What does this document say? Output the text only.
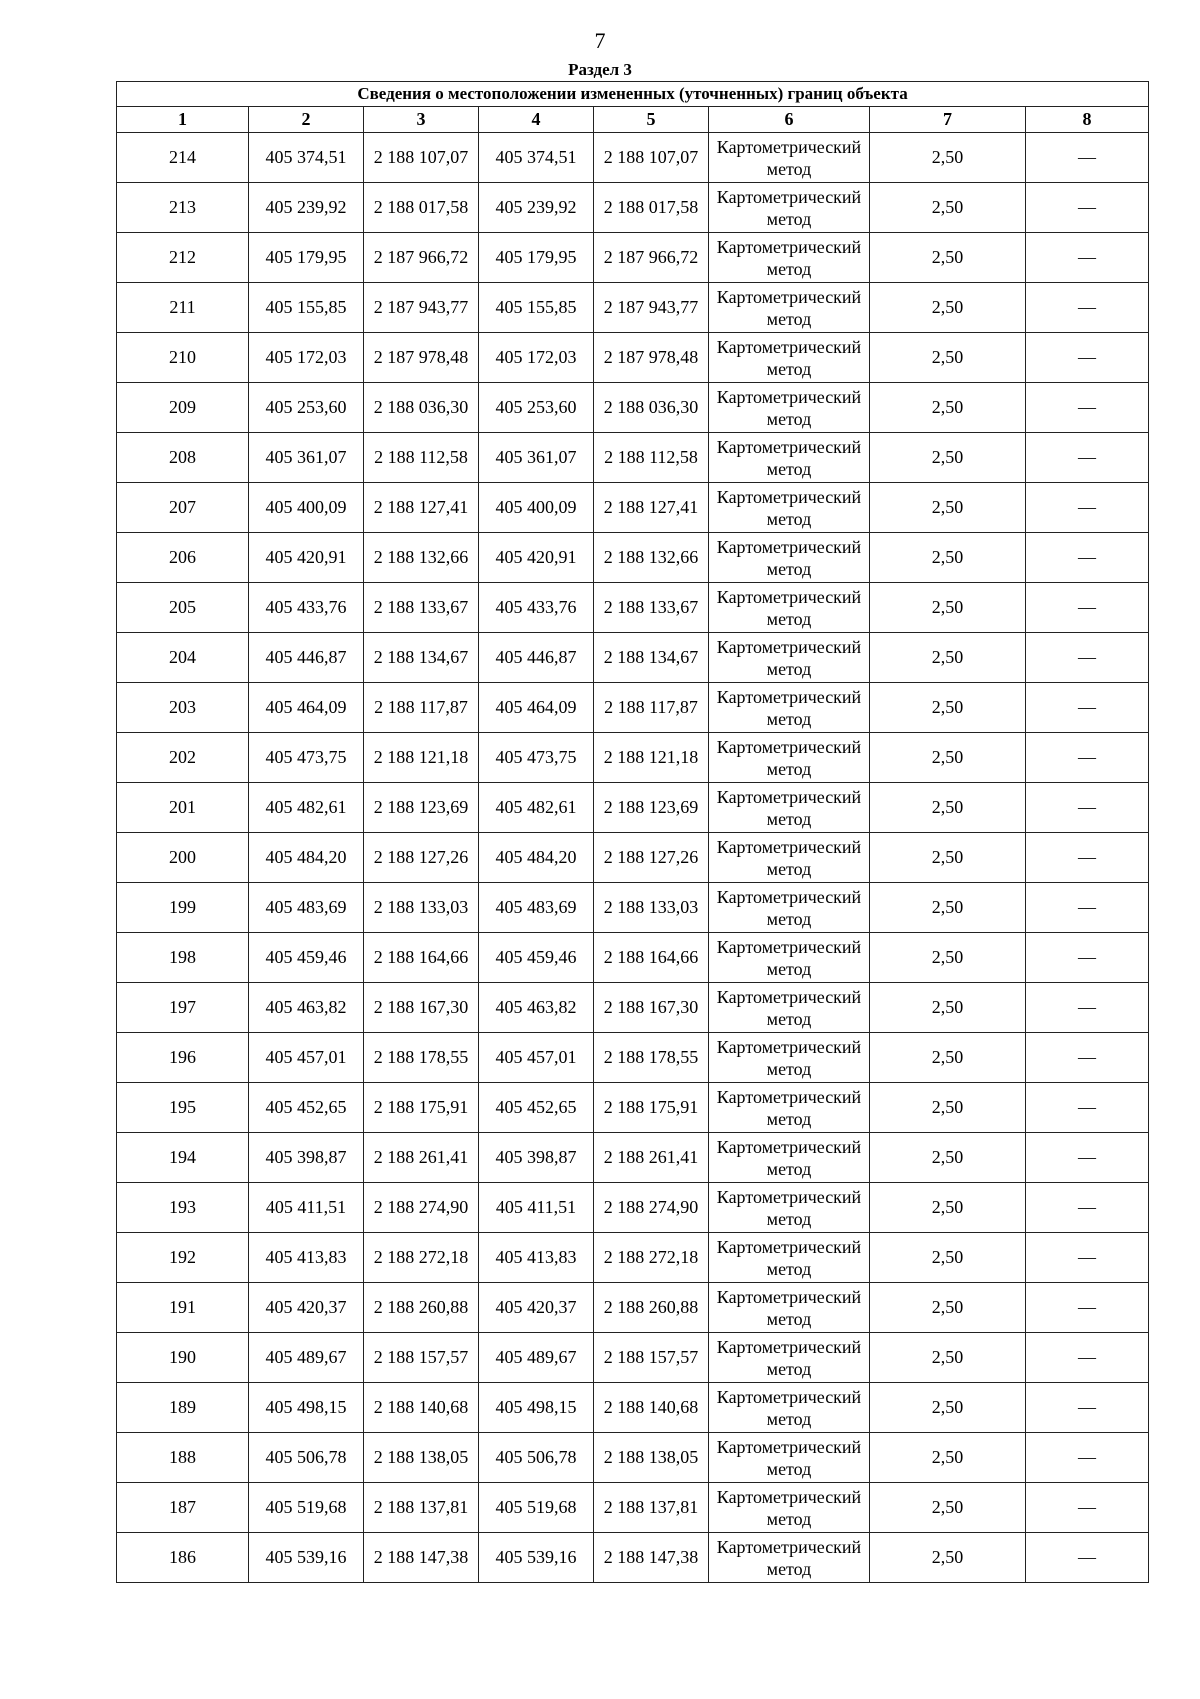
7
Раздел 3
Сведения о местоположении измененных (уточненных) границ объекта							
1	2	3	4	5	6	7	8
214	405 374,51	2 188 107,07	405 374,51	2 188 107,07	Картометрический метод	2,50	—
213	405 239,92	2 188 017,58	405 239,92	2 188 017,58	Картометрический метод	2,50	—
212	405 179,95	2 187 966,72	405 179,95	2 187 966,72	Картометрический метод	2,50	—
211	405 155,85	2 187 943,77	405 155,85	2 187 943,77	Картометрический метод	2,50	—
210	405 172,03	2 187 978,48	405 172,03	2 187 978,48	Картометрический метод	2,50	—
209	405 253,60	2 188 036,30	405 253,60	2 188 036,30	Картометрический метод	2,50	—
208	405 361,07	2 188 112,58	405 361,07	2 188 112,58	Картометрический метод	2,50	—
207	405 400,09	2 188 127,41	405 400,09	2 188 127,41	Картометрический метод	2,50	—
206	405 420,91	2 188 132,66	405 420,91	2 188 132,66	Картометрический метод	2,50	—
205	405 433,76	2 188 133,67	405 433,76	2 188 133,67	Картометрический метод	2,50	—
204	405 446,87	2 188 134,67	405 446,87	2 188 134,67	Картометрический метод	2,50	—
203	405 464,09	2 188 117,87	405 464,09	2 188 117,87	Картометрический метод	2,50	—
202	405 473,75	2 188 121,18	405 473,75	2 188 121,18	Картометрический метод	2,50	—
201	405 482,61	2 188 123,69	405 482,61	2 188 123,69	Картометрический метод	2,50	—
200	405 484,20	2 188 127,26	405 484,20	2 188 127,26	Картометрический метод	2,50	—
199	405 483,69	2 188 133,03	405 483,69	2 188 133,03	Картометрический метод	2,50	—
198	405 459,46	2 188 164,66	405 459,46	2 188 164,66	Картометрический метод	2,50	—
197	405 463,82	2 188 167,30	405 463,82	2 188 167,30	Картометрический метод	2,50	—
196	405 457,01	2 188 178,55	405 457,01	2 188 178,55	Картометрический метод	2,50	—
195	405 452,65	2 188 175,91	405 452,65	2 188 175,91	Картометрический метод	2,50	—
194	405 398,87	2 188 261,41	405 398,87	2 188 261,41	Картометрический метод	2,50	—
193	405 411,51	2 188 274,90	405 411,51	2 188 274,90	Картометрический метод	2,50	—
192	405 413,83	2 188 272,18	405 413,83	2 188 272,18	Картометрический метод	2,50	—
191	405 420,37	2 188 260,88	405 420,37	2 188 260,88	Картометрический метод	2,50	—
190	405 489,67	2 188 157,57	405 489,67	2 188 157,57	Картометрический метод	2,50	—
189	405 498,15	2 188 140,68	405 498,15	2 188 140,68	Картометрический метод	2,50	—
188	405 506,78	2 188 138,05	405 506,78	2 188 138,05	Картометрический метод	2,50	—
187	405 519,68	2 188 137,81	405 519,68	2 188 137,81	Картометрический метод	2,50	—
186	405 539,16	2 188 147,38	405 539,16	2 188 147,38	Картометрический метод	2,50	—
